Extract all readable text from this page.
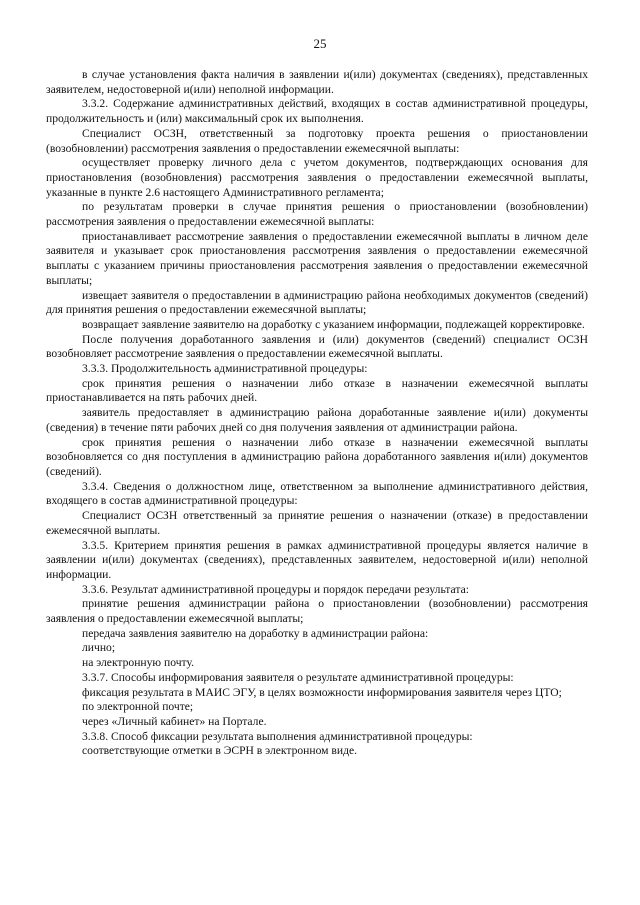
25

в случае установления факта наличия в заявлении и(или) документах (сведениях), представленных заявителем, недостоверной и(или) неполной информации.

3.3.2. Содержание административных действий, входящих в состав административной процедуры, продолжительность и (или) максимальный срок их выполнения.

Специалист ОСЗН, ответственный за подготовку проекта решения о приостановлении (возобновлении) рассмотрения заявления о предоставлении ежемесячной выплаты:

осуществляет проверку личного дела с учетом документов, подтверждающих основания для приостановления (возобновления) рассмотрения заявления о предоставлении ежемесячной выплаты, указанные в пункте 2.6 настоящего Административного регламента;

по результатам проверки в случае принятия решения о приостановлении (возобновлении) рассмотрения заявления о предоставлении ежемесячной выплаты:

приостанавливает рассмотрение заявления о предоставлении ежемесячной выплаты в личном деле заявителя и указывает срок приостановления рассмотрения заявления о предоставлении ежемесячной выплаты с указанием причины приостановления рассмотрения заявления о предоставлении ежемесячной выплаты;

извещает заявителя о предоставлении в администрацию района необходимых документов (сведений) для принятия решения о предоставлении ежемесячной выплаты;

возвращает заявление заявителю на доработку с указанием информации, подлежащей корректировке.

После получения доработанного заявления и (или) документов (сведений) специалист ОСЗН возобновляет рассмотрение заявления о предоставлении ежемесячной выплаты.

3.3.3. Продолжительность административной процедуры:

срок принятия решения о назначении либо отказе в назначении ежемесячной выплаты приостанавливается на пять рабочих дней.

заявитель предоставляет в администрацию района доработанные заявление и(или) документы (сведения) в течение пяти рабочих дней со дня получения заявления от администрации района.

срок принятия решения о назначении либо отказе в назначении ежемесячной выплаты возобновляется со дня поступления в администрацию района доработанного заявления и(или) документов (сведений).

3.3.4. Сведения о должностном лице, ответственном за выполнение административного действия, входящего в состав административной процедуры:

Специалист ОСЗН ответственный за принятие решения о назначении (отказе) в предоставлении ежемесячной выплаты.

3.3.5. Критерием принятия решения в рамках административной процедуры является наличие в заявлении и(или) документах (сведениях), представленных заявителем, недостоверной и(или) неполной информации.

3.3.6. Результат административной процедуры и порядок передачи результата:

принятие решения администрации района о приостановлении (возобновлении) рассмотрения заявления о предоставлении ежемесячной выплаты;

передача заявления заявителю на доработку в администрации района:

лично;

на электронную почту.

3.3.7. Способы информирования заявителя о результате административной процедуры:

фиксация результата в МАИС ЭГУ, в целях возможности информирования заявителя через ЦТО;

по электронной почте;

через «Личный кабинет» на Портале.

3.3.8. Способ фиксации результата выполнения административной процедуры:

соответствующие отметки в ЭСРН в электронном виде.
